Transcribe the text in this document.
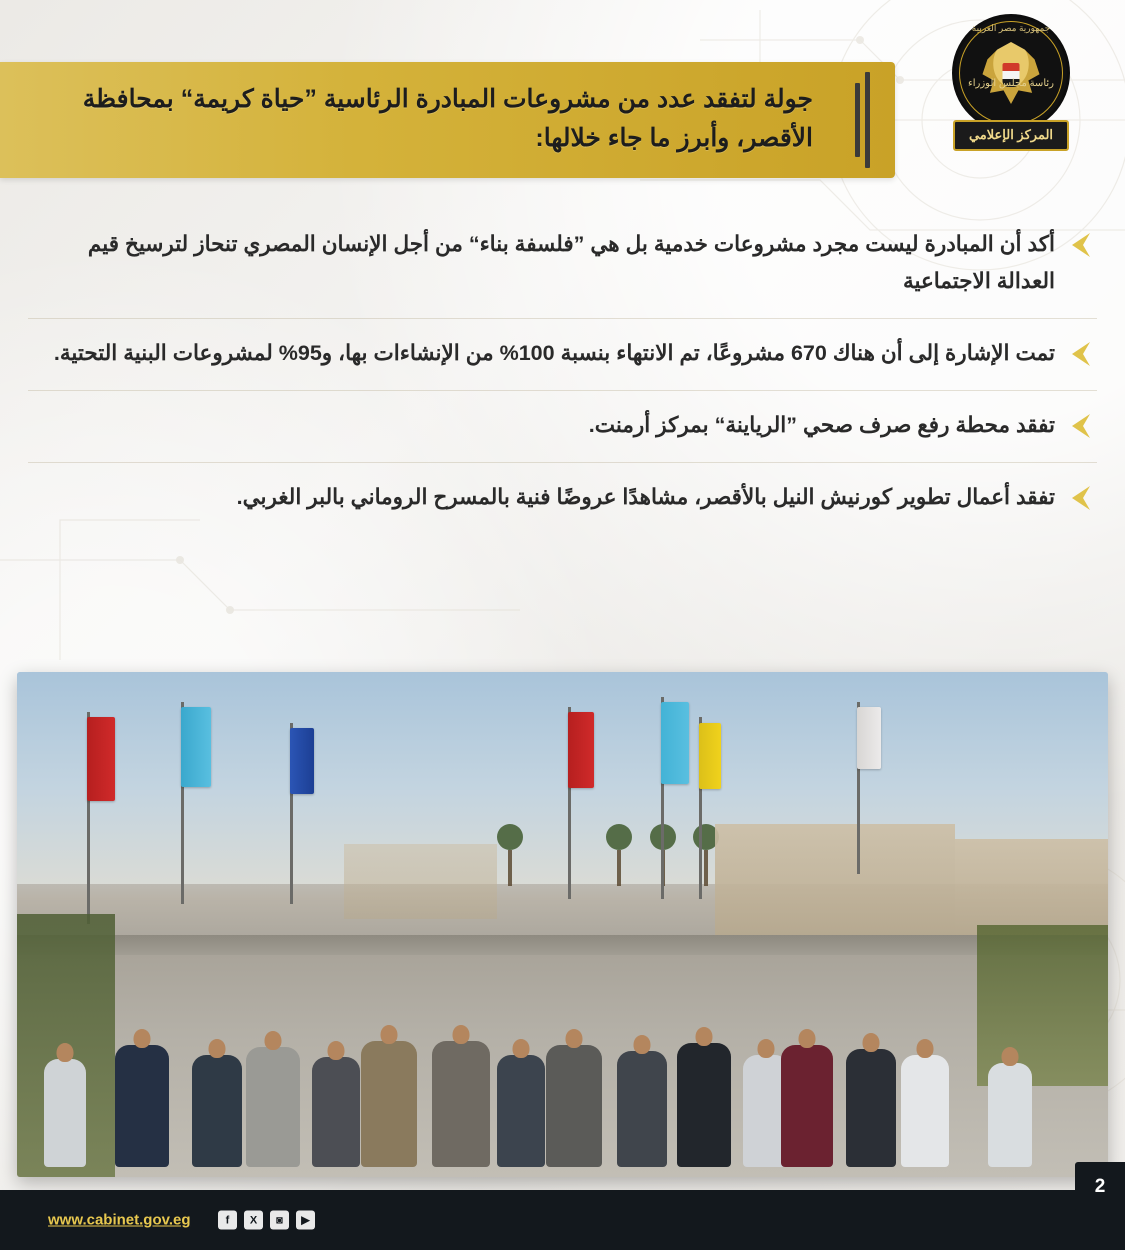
جولة لتفقد عدد من مشروعات المبادرة الرئاسية ”حياة كريمة“ بمحافظة الأقصر، وأبرز ما جاء خلالها:
جمهورية مصر العربية
رئاسة مجلس الوزراء
المركز الإعلامي
أكد أن المبادرة ليست مجرد مشروعات خدمية بل هي ”فلسفة بناء“ من أجل الإنسان المصري تنحاز لترسيخ قيم العدالة الاجتماعية
تمت الإشارة إلى أن هناك 670 مشروعًا، تم الانتهاء بنسبة 100% من الإنشاءات بها، و95% لمشروعات البنية التحتية.
تفقد محطة رفع صرف صحي ”الرياينة“ بمركز أرمنت.
تفقد أعمال تطوير كورنيش النيل بالأقصر، مشاهدًا عروضًا فنية بالمسرح الروماني بالبر الغربي.
www.cabinet.gov.eg	f	X	◙	▶
2
